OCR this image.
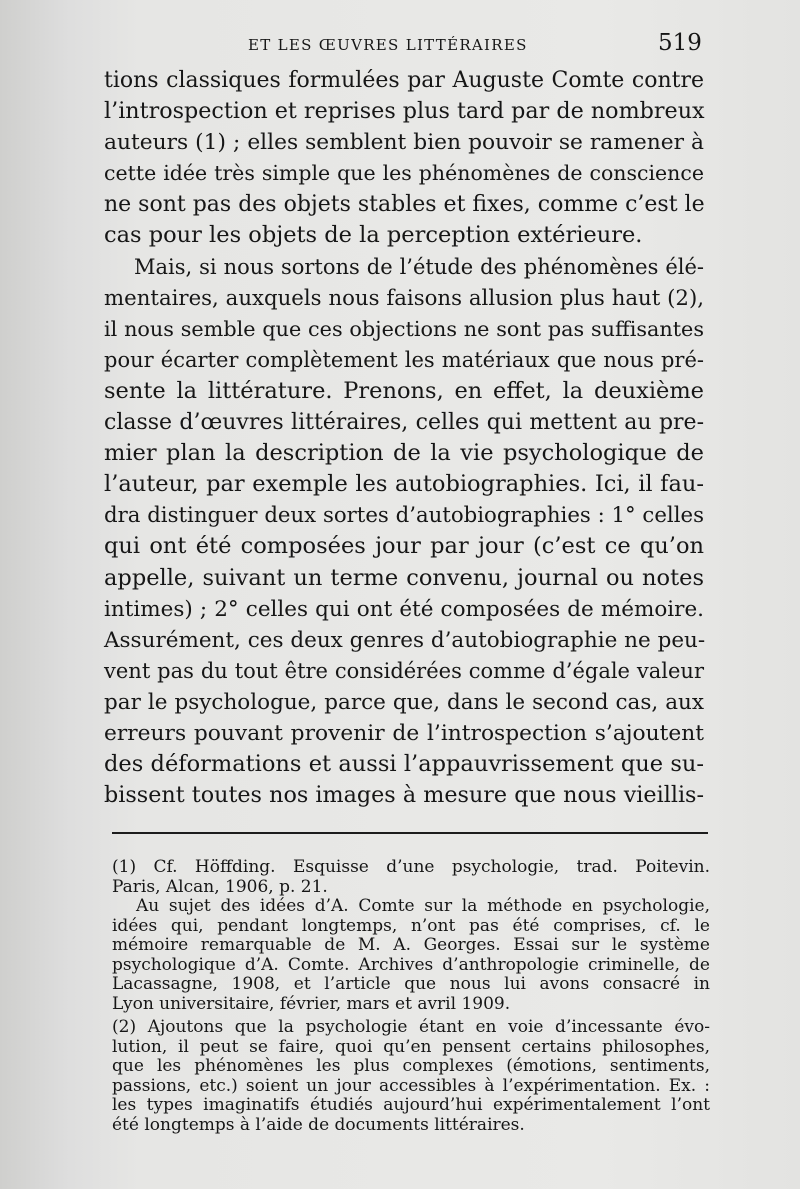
ET LES ŒUVRES LITTÉRAIRES	519
tions classiques formulées par Auguste Comte contre
l’introspection et reprises plus tard par de nombreux
auteurs (1) ; elles semblent bien pouvoir se ramener à
cette idée très simple que les phénomènes de conscience
ne sont pas des objets stables et fixes, comme c’est le
cas pour les objets de la perception extérieure.
Mais, si nous sortons de l’étude des phénomènes élé-
mentaires, auxquels nous faisons allusion plus haut (2),
il nous semble que ces objections ne sont pas suffisantes
pour écarter complètement les matériaux que nous pré-
sente la littérature. Prenons, en effet, la deuxième
classe d’œuvres littéraires, celles qui mettent au pre-
mier plan la description de la vie psychologique de
l’auteur, par exemple les autobiographies. Ici, il fau-
dra distinguer deux sortes d’autobiographies : 1° celles
qui ont été composées jour par jour (c’est ce qu’on
appelle, suivant un terme convenu, journal ou notes
intimes) ; 2° celles qui ont été composées de mémoire.
Assurément, ces deux genres d’autobiographie ne peu-
vent pas du tout être considérées comme d’égale valeur
par le psychologue, parce que, dans le second cas, aux
erreurs pouvant provenir de l’introspection s’ajoutent
des déformations et aussi l’appauvrissement que su-
bissent toutes nos images à mesure que nous vieillis-
(1) Cf. Höffding. Esquisse d’une psychologie, trad. Poitevin.
Paris, Alcan, 1906, p. 21.
Au sujet des idées d’A. Comte sur la méthode en psychologie,
idées qui, pendant longtemps, n’ont pas été comprises, cf. le
mémoire remarquable de M. A. Georges. Essai sur le système
psychologique d’A. Comte. Archives d’anthropologie criminelle, de
Lacassagne, 1908, et l’article que nous lui avons consacré in
Lyon universitaire, février, mars et avril 1909.
(2) Ajoutons que la psychologie étant en voie d’incessante évo-
lution, il peut se faire, quoi qu’en pensent certains philosophes,
que les phénomènes les plus complexes (émotions, sentiments,
passions, etc.) soient un jour accessibles à l’expérimentation. Ex. :
les types imaginatifs étudiés aujourd’hui expérimentalement l’ont
été longtemps à l’aide de documents littéraires.
